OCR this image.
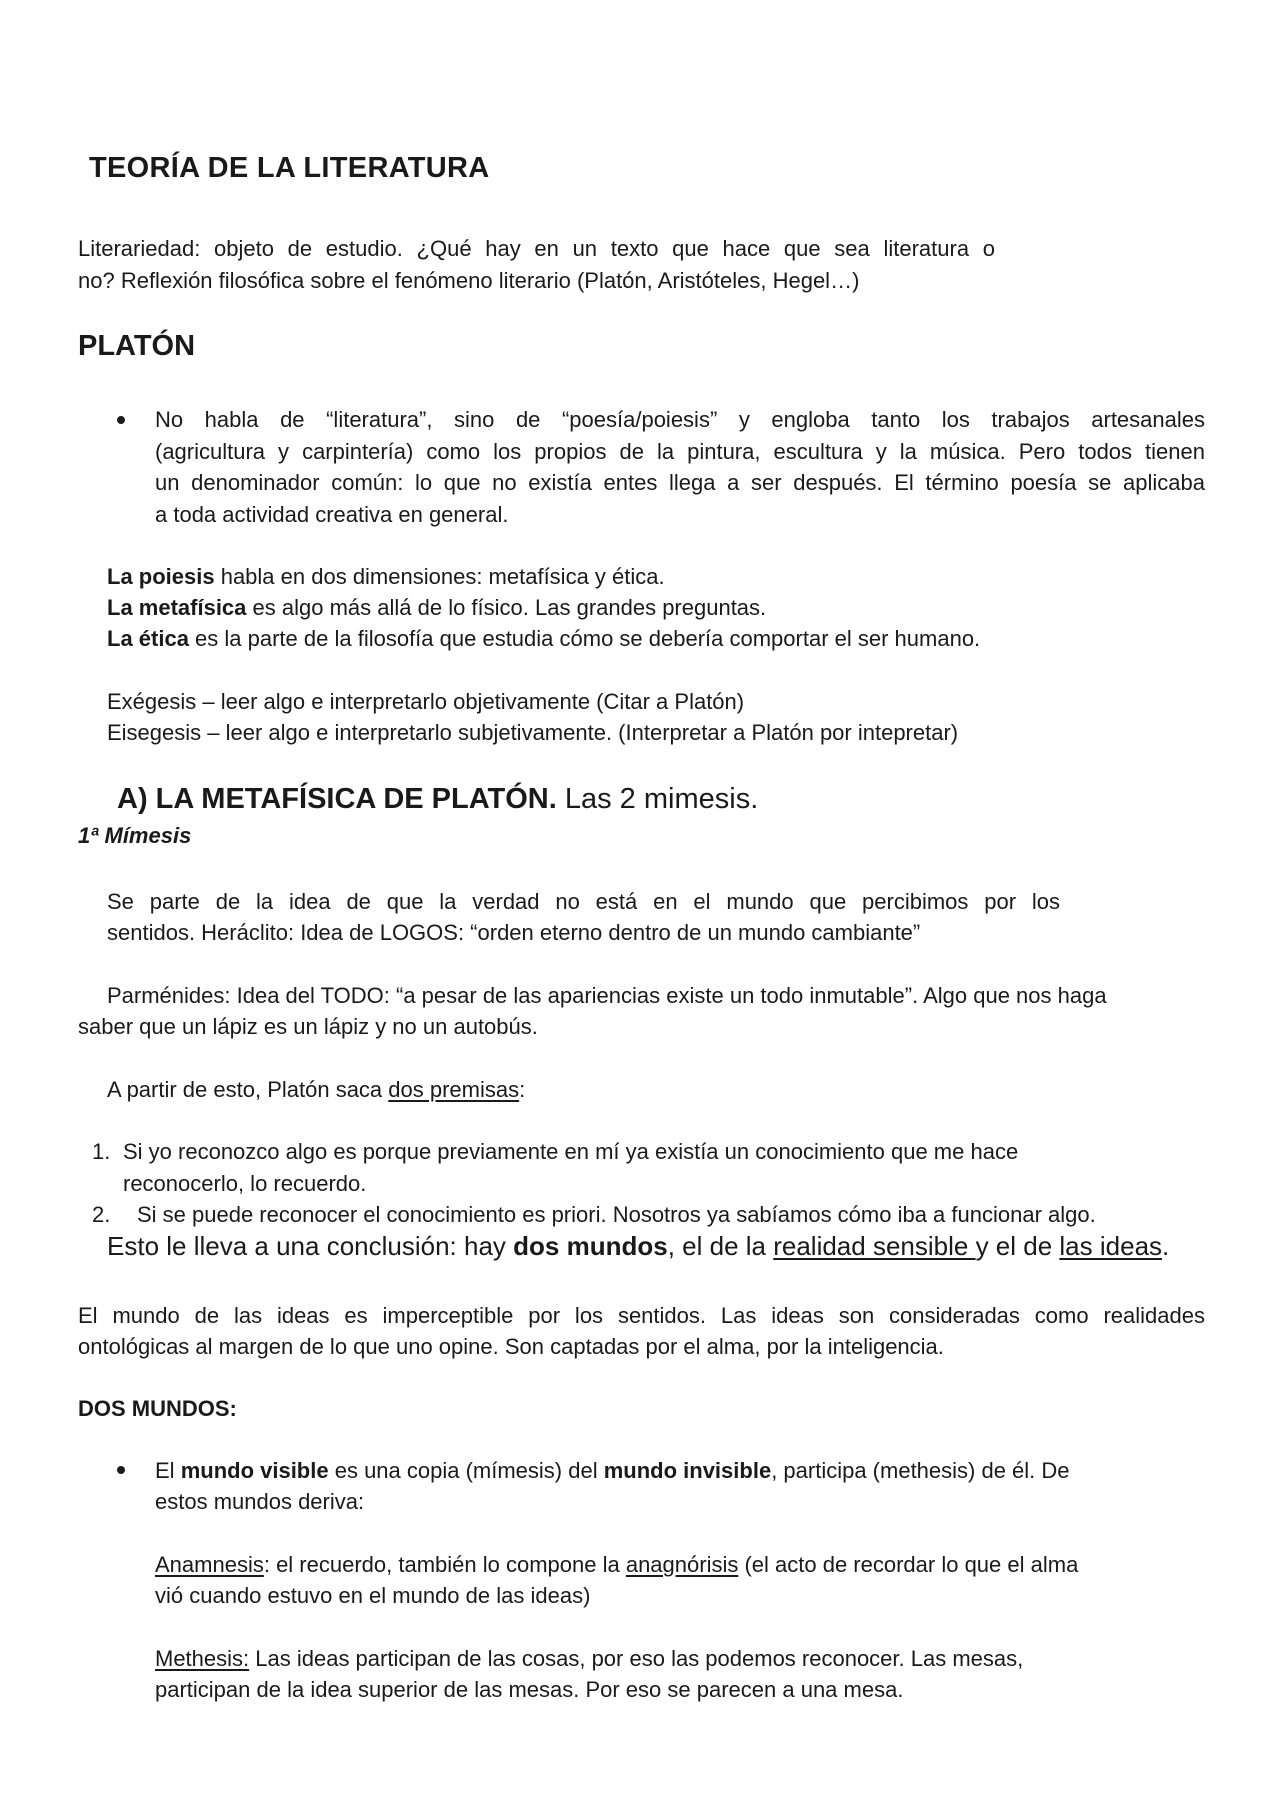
TEORÍA DE LA LITERATURA
Literariedad: objeto de estudio. ¿Qué hay en un texto que hace que sea literatura o
no? Reflexión filosófica sobre el fenómeno literario (Platón, Aristóteles, Hegel…)
PLATÓN
No habla de “literatura”, sino de “poesía/poiesis” y engloba tanto los trabajos artesanales
(agricultura y carpintería) como los propios de la pintura, escultura y la música. Pero todos tienen
un denominador común: lo que no existía entes llega a ser después. El término poesía se aplicaba
a toda actividad creativa en general.
La poiesis habla en dos dimensiones: metafísica y ética.
La metafísica es algo más allá de lo físico. Las grandes preguntas.
La ética es la parte de la filosofía que estudia cómo se debería comportar el ser humano.
Exégesis – leer algo e interpretarlo objetivamente (Citar a Platón)
Eisegesis – leer algo e interpretarlo subjetivamente. (Interpretar a Platón por intepretar)
A) LA METAFÍSICA DE PLATÓN. Las 2 mimesis.
1ª Mímesis
Se parte de la idea de que la verdad no está en el mundo que percibimos por los
sentidos. Heráclito: Idea de LOGOS: “orden eterno dentro de un mundo cambiante”
Parménides: Idea del TODO: “a pesar de las apariencias existe un todo inmutable”. Algo que nos haga
saber que un lápiz es un lápiz y no un autobús.
A partir de esto, Platón saca dos premisas:
1. Si yo reconozco algo es porque previamente en mí ya existía un conocimiento que me hace
reconocerlo, lo recuerdo.
2. Si se puede reconocer el conocimiento es priori. Nosotros ya sabíamos cómo iba a funcionar algo.
Esto le lleva a una conclusión: hay dos mundos, el de la realidad sensible y el de las ideas.
El mundo de las ideas es imperceptible por los sentidos. Las ideas son consideradas como realidades
ontológicas al margen de lo que uno opine. Son captadas por el alma, por la inteligencia.
DOS MUNDOS:
El mundo visible es una copia (mímesis) del mundo invisible, participa (methesis) de él. De
estos mundos deriva:
Anamnesis: el recuerdo, también lo compone la anagnórisis (el acto de recordar lo que el alma
vió cuando estuvo en el mundo de las ideas)
Methesis: Las ideas participan de las cosas, por eso las podemos reconocer. Las mesas,
participan de la idea superior de las mesas. Por eso se parecen a una mesa.
